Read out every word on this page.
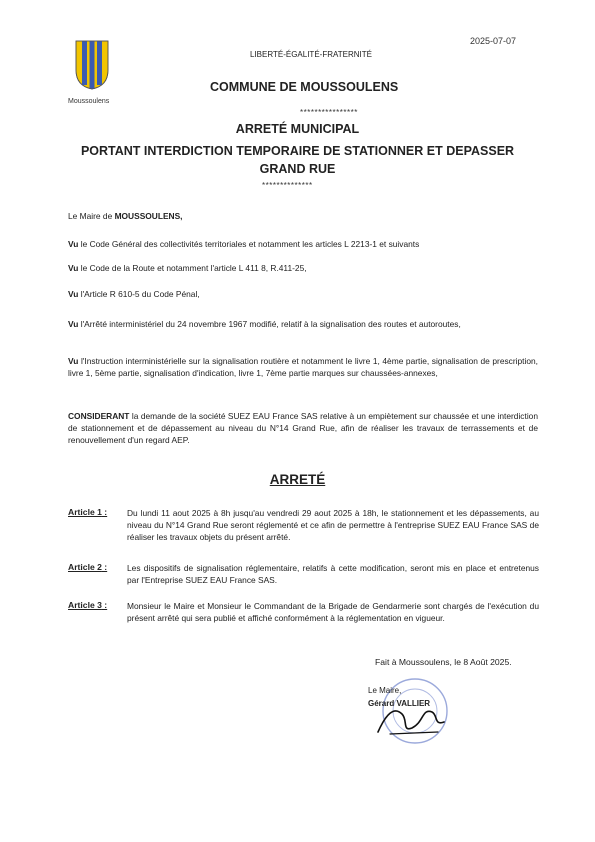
2025-07-07
Moussoulens
LIBERTÉ-ÉGALITÉ-FRATERNITÉ
COMMUNE DE MOUSSOULENS
****************
ARRETÉ MUNICIPAL
PORTANT INTERDICTION TEMPORAIRE DE STATIONNER ET DEPASSER
GRAND RUE
**************
Le Maire de MOUSSOULENS,
Vu le Code Général des collectivités territoriales et notamment les articles L 2213-1 et suivants
Vu le Code de la Route et notamment l'article L 411 8, R.411-25,
Vu l'Article R 610-5 du Code Pénal,
Vu l'Arrêté interministériel du 24 novembre 1967 modifié, relatif à la signalisation des routes et autoroutes,
Vu l'Instruction interministérielle sur la signalisation routière et notamment le livre 1, 4ème partie, signalisation de prescription, livre 1, 5ème partie, signalisation d'indication, livre 1, 7ème partie marques sur chaussées-annexes,
CONSIDERANT la demande de la société SUEZ EAU France SAS relative à un empiètement sur chaussée et une interdiction de stationnement et de dépassement au niveau du N°14 Grand Rue, afin de réaliser les travaux de terrassements et de renouvellement d'un regard AEP.
ARRETÉ
Article 1 : Du lundi 11 aout 2025 à 8h jusqu'au vendredi 29 aout 2025 à 18h, le stationnement et les dépassements, au niveau du N°14 Grand Rue seront réglementé et ce afin de permettre à l'entreprise SUEZ EAU France SAS de réaliser les travaux objets du présent arrêté.
Article 2 : Les dispositifs de signalisation réglementaire, relatifs à cette modification, seront mis en place et entretenus par l'Entreprise SUEZ EAU France SAS.
Article 3 : Monsieur le Maire et Monsieur le Commandant de la Brigade de Gendarmerie sont chargés de l'exécution du présent arrêté qui sera publié et affiché conformément à la réglementation en vigueur.
Fait à Moussoulens, le 8 Août 2025.
Le Maire,
Gérard VALLIER
